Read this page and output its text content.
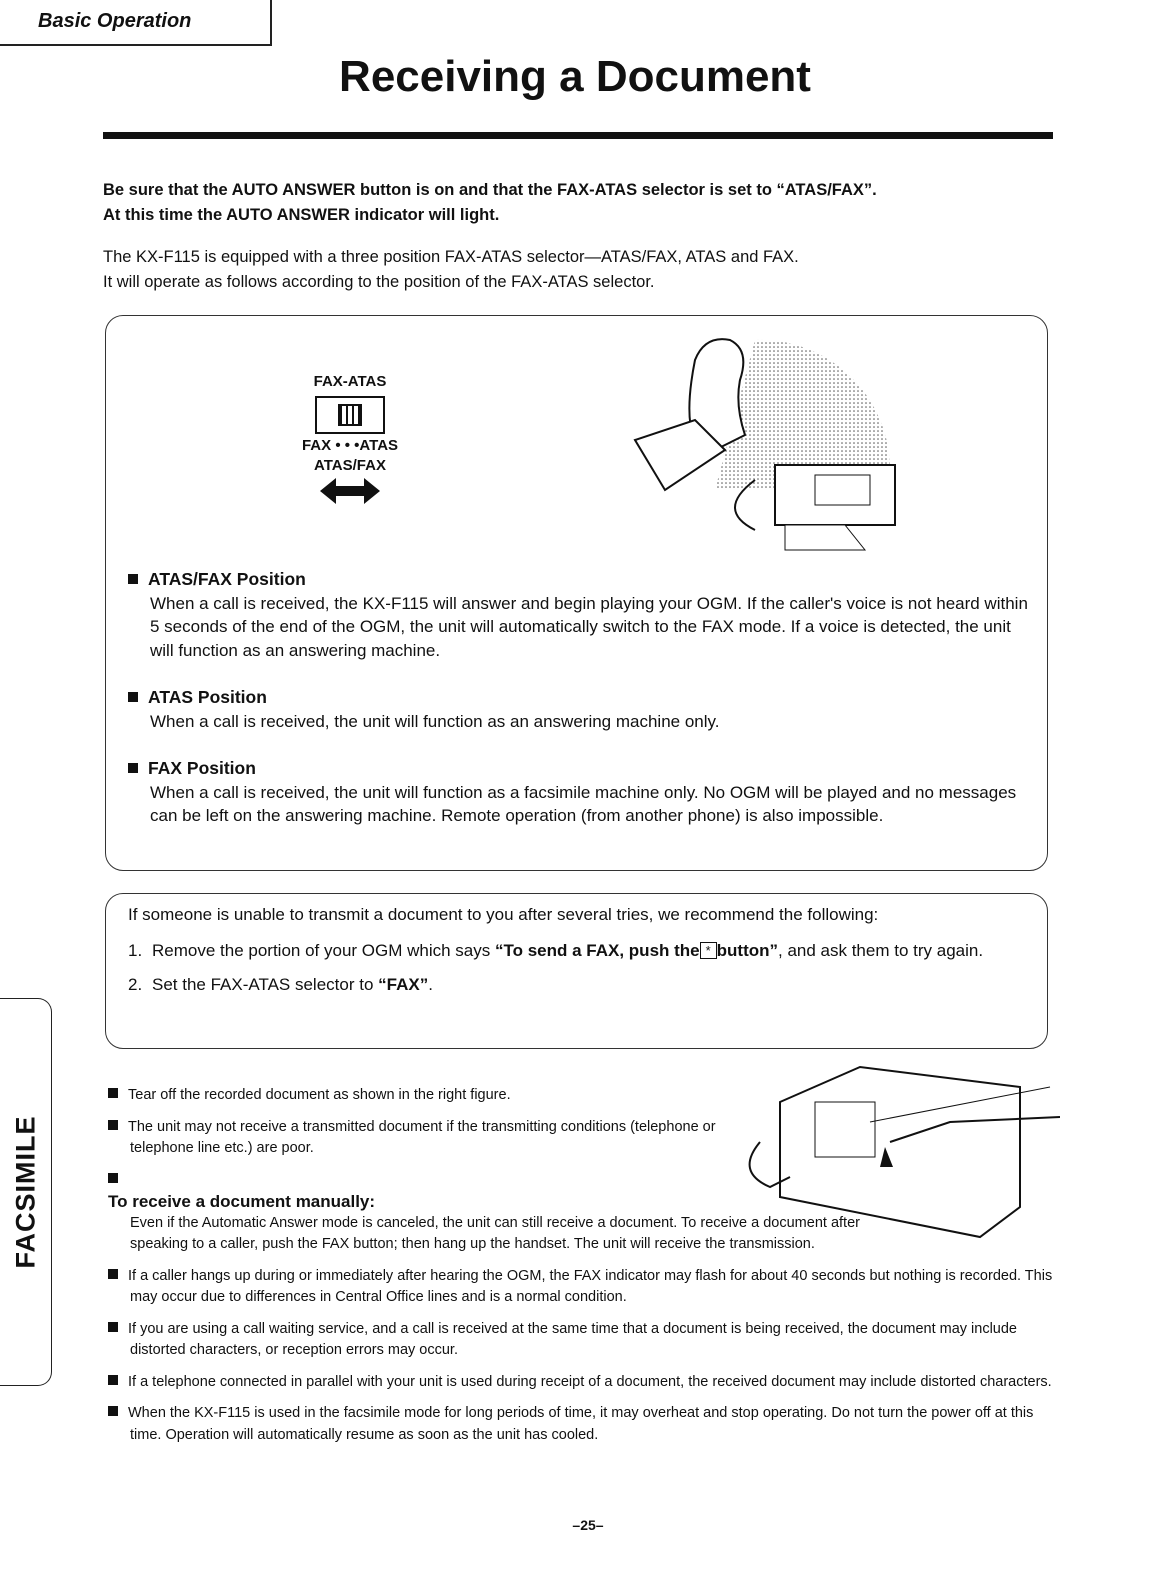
Basic Operation
Receiving a Document
Be sure that the AUTO ANSWER button is on and that the FAX-ATAS selector is set to “ATAS/FAX”.
At this time the AUTO ANSWER indicator will light.
The KX-F115 is equipped with a three position FAX-ATAS selector—ATAS/FAX, ATAS and FAX.
It will operate as follows according to the position of the FAX-ATAS selector.
FAX-ATAS
FAX • • •ATAS
ATAS/FAX
ATAS/FAX Position

When a call is received, the KX-F115 will answer and begin playing your OGM. If the caller's voice is not heard within 5 seconds of the end of the OGM, the unit will automatically switch to the FAX mode. If a voice is detected, the unit will function as an answering machine.

ATAS Position

When a call is received, the unit will function as an answering machine only.

FAX Position

When a call is received, the unit will function as a facsimile machine only. No OGM will be played and no messages can be left on the answering machine. Remote operation (from another phone) is also impossible.

If someone is unable to transmit a document to you after several tries, we recommend the following:

1. Remove the portion of your OGM which says “To send a FAX, push the * button”, and ask them to try again.
2. Set the FAX-ATAS selector to “FAX”.
Tear off the recorded document as shown in the right figure.
The unit may not receive a transmitted document if the transmitting conditions (telephone or telephone line etc.) are poor.
To receive a document manually:
Even if the Automatic Answer mode is canceled, the unit can still receive a document. To receive a document after speaking to a caller, push the FAX button; then hang up the handset. The unit will receive the transmission.
If a caller hangs up during or immediately after hearing the OGM, the FAX indicator may flash for about 40 seconds but nothing is recorded. This may occur due to differences in Central Office lines and is a normal condition.
If you are using a call waiting service, and a call is received at the same time that a document is being received, the document may include distorted characters, or reception errors may occur.
If a telephone connected in parallel with your unit is used during receipt of a document, the received document may include distorted characters.
When the KX-F115 is used in the facsimile mode for long periods of time, it may overheat and stop operating. Do not turn the power off at this time. Operation will automatically resume as soon as the unit has cooled.
FACSIMILE
–25–
